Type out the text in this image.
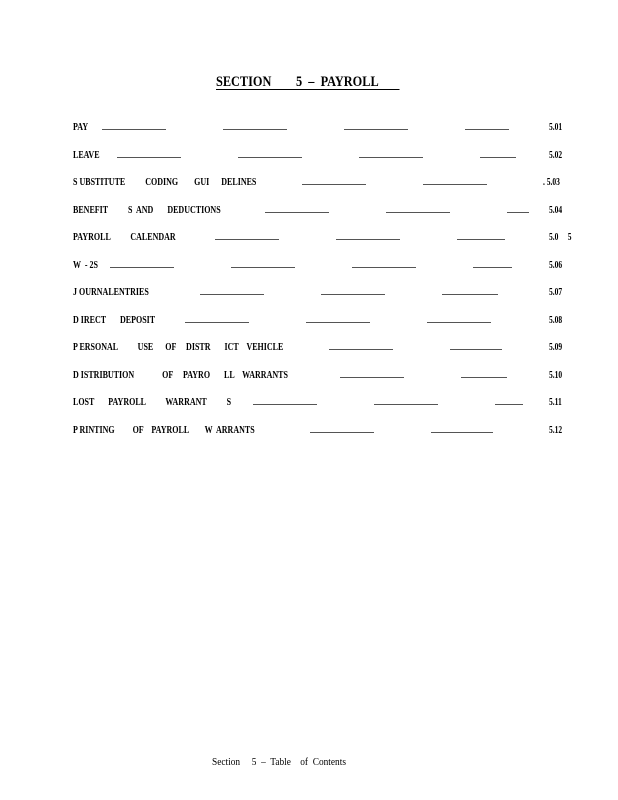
SECTION        5  –  PAYROLL
PAY	5.01
LEAVE	5.02
S UBSTITUTE          CODING        GUI      DELINES	. 5.03
BENEFIT          S  AND       DEDUCTIONS	5.04
PAYROLL          CALENDAR	5.0     5
W  - 2S	5.06
J OURNALENTRIES	5.07
D IRECT       DEPOSIT	5.08
P ERSONAL          USE      OF     DISTR       ICT    VEHICLE	5.09
D ISTRIBUTION              OF     PAYRO       LL    WARRANTS	5.10
LOST       PAYROLL          WARRANT          S	5.11
P RINTING         OF    PAYROLL        W  ARRANTS	5.12
Section     5  –  Table    of  Contents
